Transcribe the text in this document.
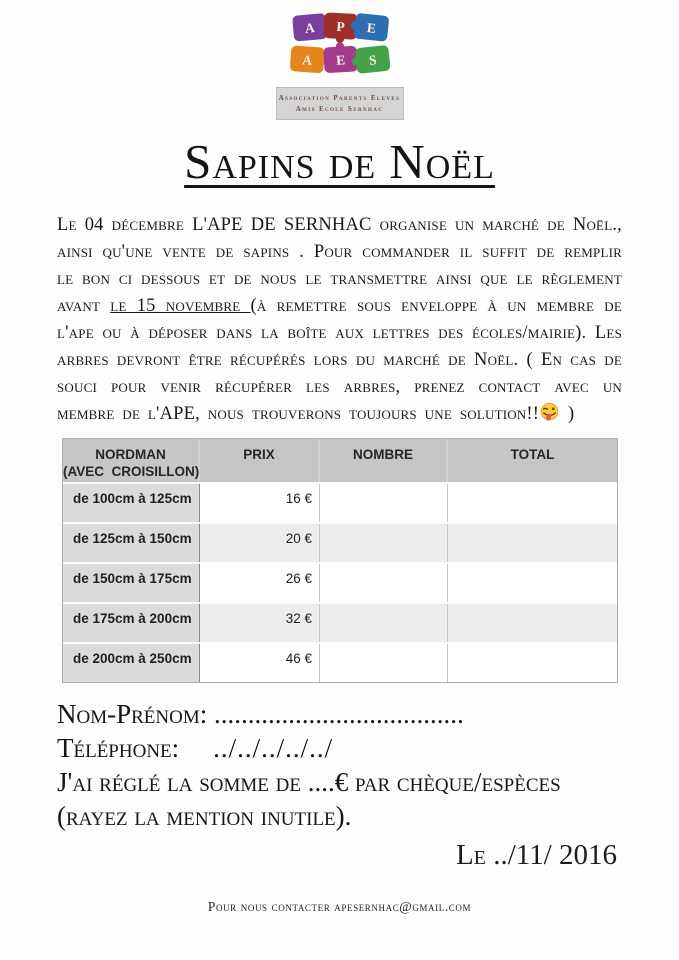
A P E
A E S
Association Parents Eleves
Amis Ecole Sernhac
Sapins de Noël

Le 04 décembre L'APE DE SERNHAC organise un marché de Noël., ainsi qu'une vente de sapins . Pour commander il suffit de remplir le bon ci dessous et de nous le transmettre ainsi que le règlement avant le 15 novembre (à remettre sous enveloppe à un membre de l'ape ou à déposer dans la boîte aux lettres des écoles/mairie). Les arbres devront être récupérés lors du marché de Noël. ( En cas de souci pour venir récupérer les arbres, prenez contact avec un membre de l'APE, nous trouverons toujours une solution!! )

NORDMAN
(AVEC  CROISILLON)
PRIX	NOMBRE	TOTAL
de 100cm à 125cm	16 €
de 125cm à 150cm	20 €
de 150cm à 175cm	26 €
de 175cm à 200cm	32 €
de 200cm à 250cm	46 €
Nom-Prénom: .....................................
Téléphone: ../../../../../
J'ai réglé la somme de ....€ par chèque/espèces
(rayez la mention inutile).
Le ../11/ 2016
Pour nous contacter apesernhac@gmail.com
